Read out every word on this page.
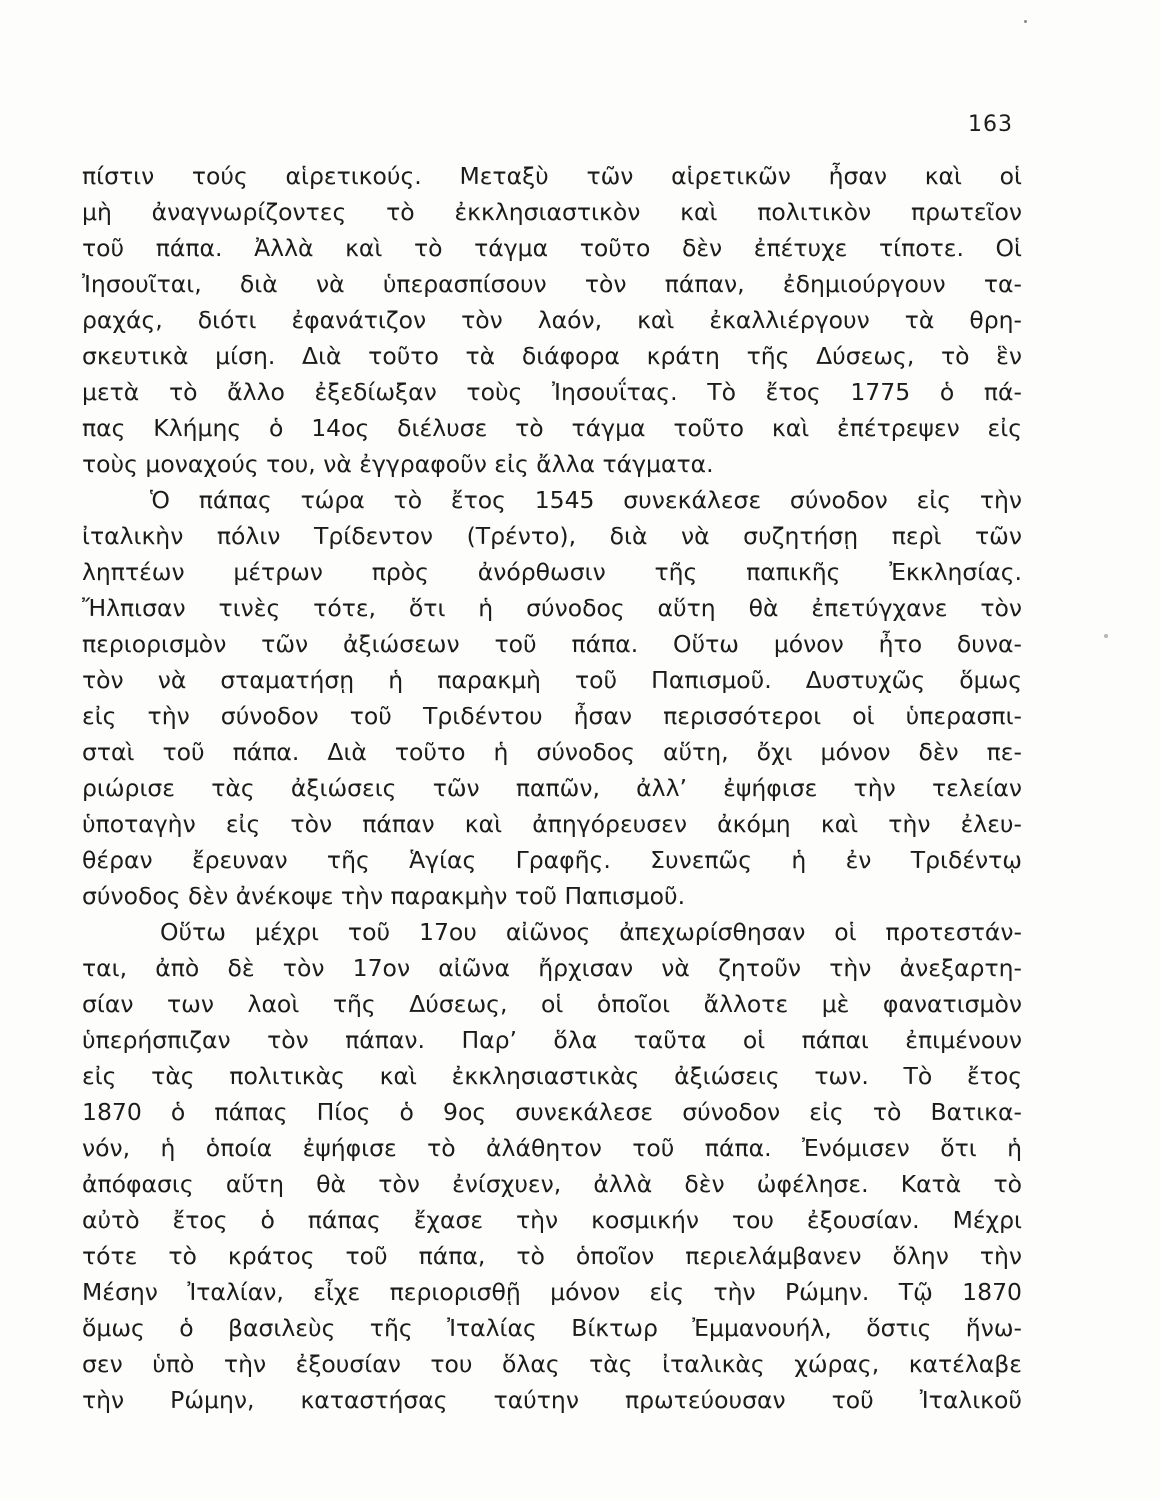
163
πίστιν τούς αἱρετικούς. Μεταξὺ τῶν αἱρετικῶν ἦσαν καὶ οἱ
μὴ ἀναγνωρίζοντες τὸ ἐκκλησιαστικὸν καὶ πολιτικὸν πρωτεῖον
τοῦ πάπα. Ἀλλὰ καὶ τὸ τάγμα τοῦτο δὲν ἐπέτυχε τίποτε. Οἱ
Ἰησουῖται, διὰ νὰ ὑπερασπίσουν τὸν πάπαν, ἐδημιούργουν τα-
ραχάς, διότι ἐφανάτιζον τὸν λαόν, καὶ ἐκαλλιέργουν τὰ θρη-
σκευτικὰ μίση. Διὰ τοῦτο τὰ διάφορα κράτη τῆς Δύσεως, τὸ ἓν
μετὰ τὸ ἄλλο ἐξεδίωξαν τοὺς Ἰησουΐτας. Τὸ ἔτος 1775 ὁ πά-
πας Κλήμης ὁ 14ος διέλυσε τὸ τάγμα τοῦτο καὶ ἐπέτρεψεν εἰς
τοὺς μοναχούς του, νὰ ἐγγραφοῦν εἰς ἄλλα τάγματα.
Ὁ πάπας τώρα τὸ ἔτος 1545 συνεκάλεσε σύνοδον εἰς τὴν
ἰταλικὴν πόλιν Τρίδεντον (Τρέντο), διὰ νὰ συζητήσῃ περὶ τῶν
ληπτέων μέτρων πρὸς ἀνόρθωσιν τῆς παπικῆς Ἐκκλησίας.
Ἤλπισαν τινὲς τότε, ὅτι ἡ σύνοδος αὕτη θὰ ἐπετύγχανε τὸν
περιορισμὸν τῶν ἀξιώσεων τοῦ πάπα. Οὕτω μόνον ἦτο δυνα-
τὸν νὰ σταματήσῃ ἡ παρακμὴ τοῦ Παπισμοῦ. Δυστυχῶς ὅμως
εἰς τὴν σύνοδον τοῦ Τριδέντου ἦσαν περισσότεροι οἱ ὑπερασπι-
σταὶ τοῦ πάπα. Διὰ τοῦτο ἡ σύνοδος αὕτη, ὄχι μόνον δὲν πε-
ριώρισε τὰς ἀξιώσεις τῶν παπῶν, ἀλλ’ ἐψήφισε τὴν τελείαν
ὑποταγὴν εἰς τὸν πάπαν καὶ ἀπηγόρευσεν ἀκόμη καὶ τὴν ἐλευ-
θέραν ἔρευναν τῆς Ἁγίας Γραφῆς. Συνεπῶς ἡ ἐν Τριδέντῳ
σύνοδος δὲν ἀνέκοψε τὴν παρακμὴν τοῦ Παπισμοῦ.
Οὕτω μέχρι τοῦ 17ου αἰῶνος ἀπεχωρίσθησαν οἱ προτεστάν-
ται, ἀπὸ δὲ τὸν 17ον αἰῶνα ἤρχισαν νὰ ζητοῦν τὴν ἀνεξαρτη-
σίαν των λαοὶ τῆς Δύσεως, οἱ ὁποῖοι ἄλλοτε μὲ φανατισμὸν
ὑπερήσπιζαν τὸν πάπαν. Παρ’ ὅλα ταῦτα οἱ πάπαι ἐπιμένουν
εἰς τὰς πολιτικὰς καὶ ἐκκλησιαστικὰς ἀξιώσεις των. Τὸ ἔτος
1870 ὁ πάπας Πίος ὁ 9ος συνεκάλεσε σύνοδον εἰς τὸ Βατικα-
νόν, ἡ ὁποία ἐψήφισε τὸ ἀλάθητον τοῦ πάπα. Ἐνόμισεν ὅτι ἡ
ἀπόφασις αὕτη θὰ τὸν ἐνίσχυεν, ἀλλὰ δὲν ὠφέλησε. Κατὰ τὸ
αὐτὸ ἔτος ὁ πάπας ἔχασε τὴν κοσμικήν του ἐξουσίαν. Μέχρι
τότε τὸ κράτος τοῦ πάπα, τὸ ὁποῖον περιελάμβανεν ὅλην τὴν
Μέσην Ἰταλίαν, εἶχε περιορισθῇ μόνον εἰς τὴν Ρώμην. Τῷ 1870
ὅμως ὁ βασιλεὺς τῆς Ἰταλίας Βίκτωρ Ἐμμανουήλ, ὅστις ἥνω-
σεν ὑπὸ τὴν ἐξουσίαν του ὅλας τὰς ἰταλικὰς χώρας, κατέλαβε
τὴν Ρώμην, καταστήσας ταύτην πρωτεύουσαν τοῦ Ἰταλικοῦ
